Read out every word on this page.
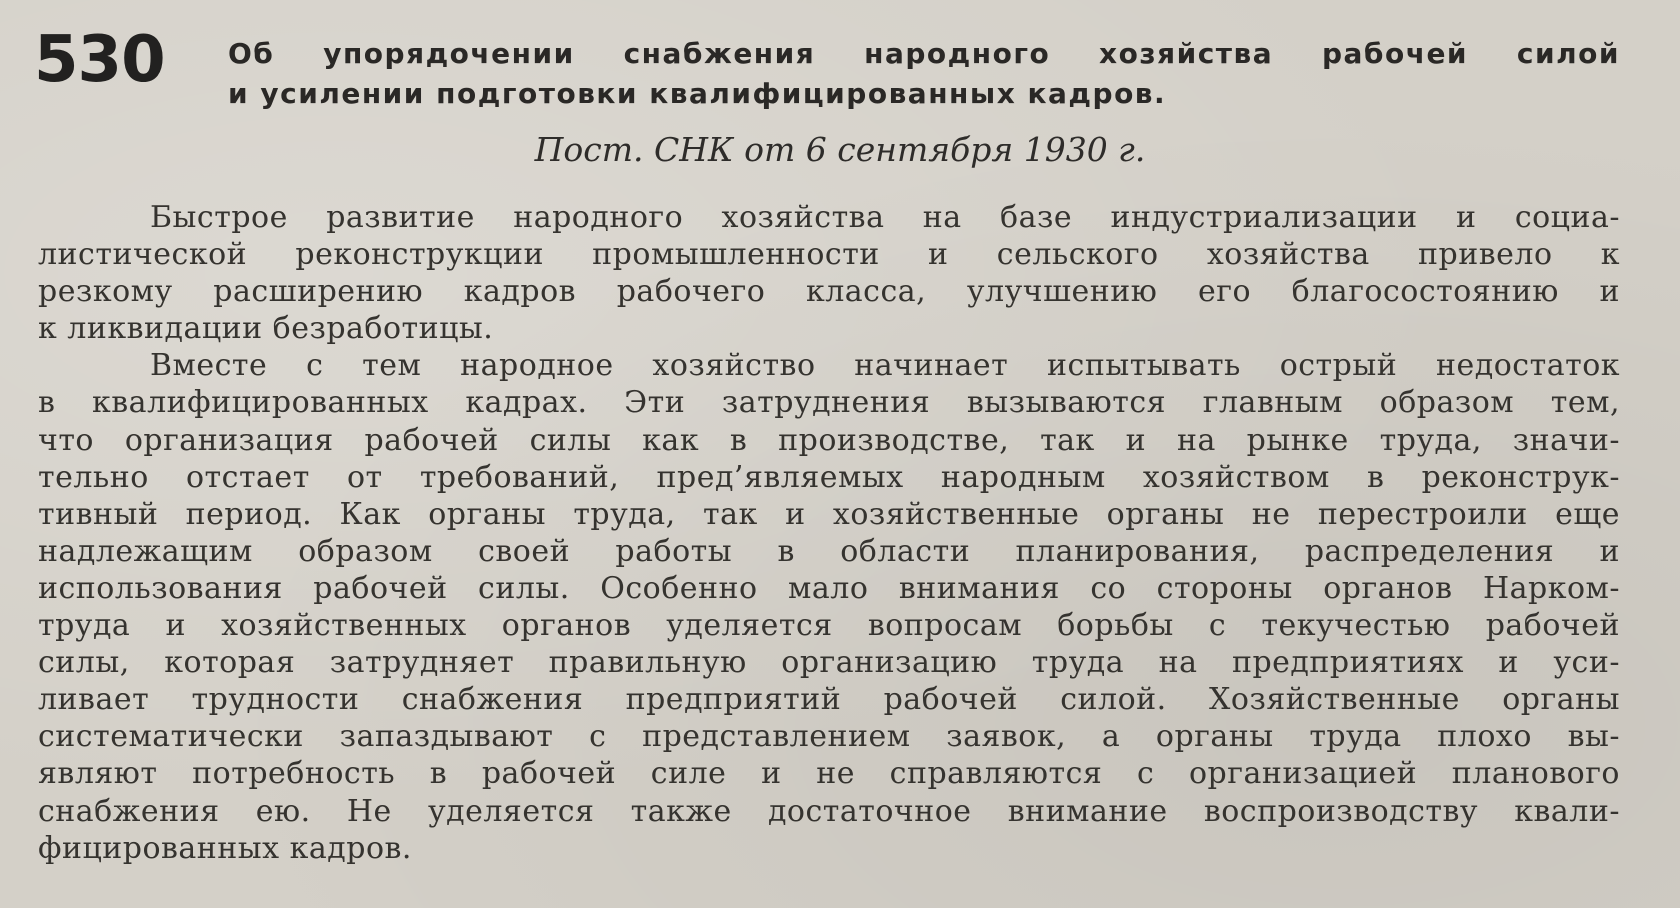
530 Об упорядочении снабжения народного хозяйства рабочей силой
и усилении подготовки квалифицированных кадров.
Пост. СНК от 6 сентября 1930 г.
Быстрое развитие народного хозяйства на базе индустриализации и социа-
листической реконструкции промышленности и сельского хозяйства привело к
резкому расширению кадров рабочего класса, улучшению его благосостоянию и
к ликвидации безработицы.
Вместе с тем народное хозяйство начинает испытывать острый недостаток
в квалифицированных кадрах. Эти затруднения вызываются главным образом тем,
что организация рабочей силы как в производстве, так и на рынке труда, значи-
тельно отстает от требований, пред’являемых народным хозяйством в реконструк-
тивный период. Как органы труда, так и хозяйственные органы не перестроили еще
надлежащим образом своей работы в области планирования, распределения и
использования рабочей силы. Особенно мало внимания со стороны органов Нарком-
труда и хозяйственных органов уделяется вопросам борьбы с текучестью рабочей
силы, которая затрудняет правильную организацию труда на предприятиях и уси-
ливает трудности снабжения предприятий рабочей силой. Хозяйственные органы
систематически запаздывают с представлением заявок, а органы труда плохо вы-
являют потребность в рабочей силе и не справляются с организацией планового
снабжения ею. Не уделяется также достаточное внимание воспроизводству квали-
фицированных кадров.
